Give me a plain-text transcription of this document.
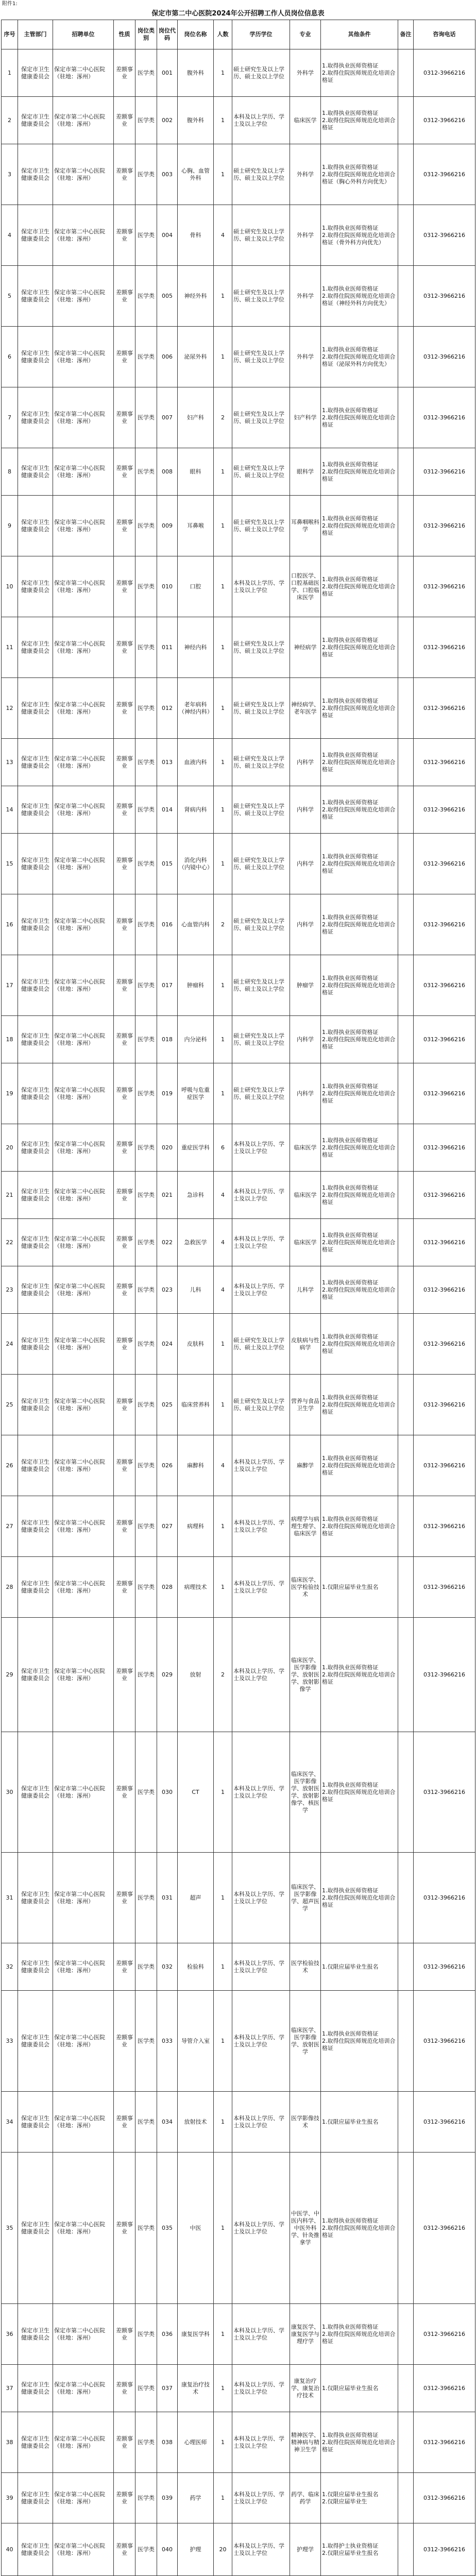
附件1:
保定市第二中心医院2024年公开招聘工作人员岗位信息表
序号	主管部门	招聘单位	性质	岗位类别	岗位代码	岗位名称	人数	学历学位	专业	其他条件	备注	咨询电话
1	保定市卫生健康委员会	保定市第二中心医院（驻地：涿州）	差额事业	医学类	001	腹外科	1	硕士研究生及以上学历、硕士及以上学位	外科学	1.取得执业医师资格证
2.取得住院医师规范化培训合格证		0312-3966216
2	保定市卫生健康委员会	保定市第二中心医院（驻地：涿州）	差额事业	医学类	002	腹外科	1	本科及以上学历、学士及以上学位	临床医学	1.取得执业医师资格证
2.取得住院医师规范化培训合格证		0312-3966216
3	保定市卫生健康委员会	保定市第二中心医院（驻地：涿州）	差额事业	医学类	003	心胸、血管外科	1	硕士研究生及以上学历、硕士及以上学位	外科学	1.取得执业医师资格证
2.取得住院医师规范化培训合格证（胸心外科方向优先）		0312-3966216
4	保定市卫生健康委员会	保定市第二中心医院（驻地：涿州）	差额事业	医学类	004	骨科	4	硕士研究生及以上学历、硕士及以上学位	外科学	1.取得执业医师资格证
2.取得住院医师规范化培训合格证（骨外科方向优先）		0312-3966216
5	保定市卫生健康委员会	保定市第二中心医院（驻地：涿州）	差额事业	医学类	005	神经外科	1	硕士研究生及以上学历、硕士及以上学位	外科学	1.取得执业医师资格证
2.取得住院医师规范化培训合格证（神经外科方向优先）		0312-3966216
6	保定市卫生健康委员会	保定市第二中心医院（驻地：涿州）	差额事业	医学类	006	泌尿外科	1	硕士研究生及以上学历、硕士及以上学位	外科学	1.取得执业医师资格证
2.取得住院医师规范化培训合格证（泌尿外科方向优先）		0312-3966216
7	保定市卫生健康委员会	保定市第二中心医院（驻地：涿州）	差额事业	医学类	007	妇产科	2	硕士研究生及以上学历、硕士及以上学位	妇产科学	1.取得执业医师资格证
2.取得住院医师规范化培训合格证		0312-3966216
8	保定市卫生健康委员会	保定市第二中心医院（驻地：涿州）	差额事业	医学类	008	眼科	1	硕士研究生及以上学历、硕士及以上学位	眼科学	1.取得执业医师资格证
2.取得住院医师规范化培训合格证		0312-3966216
9	保定市卫生健康委员会	保定市第二中心医院（驻地：涿州）	差额事业	医学类	009	耳鼻喉	1	硕士研究生及以上学历、硕士及以上学位	耳鼻咽喉科学	1.取得执业医师资格证
2.取得住院医师规范化培训合格证		0312-3966216
10	保定市卫生健康委员会	保定市第二中心医院（驻地：涿州）	差额事业	医学类	010	口腔	1	本科及以上学历、学士及以上学位	口腔医学、口腔基础医学、口腔临床医学	1.取得执业医师资格证
2.取得住院医师规范化培训合格证		0312-3966216
11	保定市卫生健康委员会	保定市第二中心医院（驻地：涿州）	差额事业	医学类	011	神经内科	1	硕士研究生及以上学历、硕士及以上学位	神经病学	1.取得执业医师资格证
2.取得住院医师规范化培训合格证		0312-3966216
12	保定市卫生健康委员会	保定市第二中心医院（驻地：涿州）	差额事业	医学类	012	老年病科（神经内科）	1	硕士研究生及以上学历、硕士及以上学位	神经病学、老年医学	1.取得执业医师资格证
2.取得住院医师规范化培训合格证		0312-3966216
13	保定市卫生健康委员会	保定市第二中心医院（驻地：涿州）	差额事业	医学类	013	血液内科	1	硕士研究生及以上学历、硕士及以上学位	内科学	1.取得执业医师资格证
2.取得住院医师规范化培训合格证		0312-3966216
14	保定市卫生健康委员会	保定市第二中心医院（驻地：涿州）	差额事业	医学类	014	肾病内科	1	硕士研究生及以上学历、硕士及以上学位	内科学	1.取得执业医师资格证
2.取得住院医师规范化培训合格证		0312-3966216
15	保定市卫生健康委员会	保定市第二中心医院（驻地：涿州）	差额事业	医学类	015	消化内科（内镜中心）	1	硕士研究生及以上学历、硕士及以上学位	内科学	1.取得执业医师资格证
2.取得住院医师规范化培训合格证		0312-3966216
16	保定市卫生健康委员会	保定市第二中心医院（驻地：涿州）	差额事业	医学类	016	心血管内科	2	硕士研究生及以上学历、硕士及以上学位	内科学	1.取得执业医师资格证
2.取得住院医师规范化培训合格证		0312-3966216
17	保定市卫生健康委员会	保定市第二中心医院（驻地：涿州）	差额事业	医学类	017	肿瘤科	1	硕士研究生及以上学历、硕士及以上学位	肿瘤学	1.取得执业医师资格证
2.取得住院医师规范化培训合格证		0312-3966216
18	保定市卫生健康委员会	保定市第二中心医院（驻地：涿州）	差额事业	医学类	018	内分泌科	1	硕士研究生及以上学历、硕士及以上学位	内科学	1.取得执业医师资格证
2.取得住院医师规范化培训合格证		0312-3966216
19	保定市卫生健康委员会	保定市第二中心医院（驻地：涿州）	差额事业	医学类	019	呼吸与危重症医学	1	硕士研究生及以上学历、硕士及以上学位	内科学	1.取得执业医师资格证
2.取得住院医师规范化培训合格证		0312-3966216
20	保定市卫生健康委员会	保定市第二中心医院（驻地：涿州）	差额事业	医学类	020	重症医学科	6	本科及以上学历、学士及以上学位	临床医学	1.取得执业医师资格证
2.取得住院医师规范化培训合格证		0312-3966216
21	保定市卫生健康委员会	保定市第二中心医院（驻地：涿州）	差额事业	医学类	021	急诊科	4	本科及以上学历、学士及以上学位	临床医学	1.取得执业医师资格证
2.取得住院医师规范化培训合格证		0312-3966216
22	保定市卫生健康委员会	保定市第二中心医院（驻地：涿州）	差额事业	医学类	022	急救医学	4	本科及以上学历、学士及以上学位	临床医学	1.取得执业医师资格证
2.取得住院医师规范化培训合格证		0312-3966216
23	保定市卫生健康委员会	保定市第二中心医院（驻地：涿州）	差额事业	医学类	023	儿科	4	本科及以上学历、学士及以上学位	儿科学	1.取得执业医师资格证
2.取得住院医师规范化培训合格证		0312-3966216
24	保定市卫生健康委员会	保定市第二中心医院（驻地：涿州）	差额事业	医学类	024	皮肤科	1	硕士研究生及以上学历、硕士及以上学位	皮肤病与性病学	1.取得执业医师资格证
2.取得住院医师规范化培训合格证		0312-3966216
25	保定市卫生健康委员会	保定市第二中心医院（驻地：涿州）	差额事业	医学类	025	临床营养科	1	硕士研究生及以上学历、硕士及以上学位	营养与食品卫生学	1.取得执业医师资格证
2.取得住院医师规范化培训合格证		0312-3966216
26	保定市卫生健康委员会	保定市第二中心医院（驻地：涿州）	差额事业	医学类	026	麻醉科	4	本科及以上学历、学士及以上学位	麻醉学	1.取得执业医师资格证
2.取得住院医师规范化培训合格证		0312-3966216
27	保定市卫生健康委员会	保定市第二中心医院（驻地：涿州）	差额事业	医学类	027	病理科	1	本科及以上学历、学士及以上学位	病理学与病理生理学、临床医学	1.取得执业医师资格证
2.取得住院医师规范化培训合格证		0312-3966216
28	保定市卫生健康委员会	保定市第二中心医院（驻地：涿州）	差额事业	医学类	028	病理技术	1	本科及以上学历、学士及以上学位	临床医学、医学检验技术	1.仅限应届毕业生报名		0312-3966216
29	保定市卫生健康委员会	保定市第二中心医院（驻地：涿州）	差额事业	医学类	029	放射	2	本科及以上学历、学士及以上学位	临床医学、医学影像学、放射医学、放射影像学	1.取得执业医师资格证
2.取得住院医师规范化培训合格证		0312-3966216
30	保定市卫生健康委员会	保定市第二中心医院（驻地：涿州）	差额事业	医学类	030	CT	1	本科及以上学历、学士及以上学位	临床医学、医学影像学、放射医学、放射影像学、核医学	1.取得执业医师资格证
2.取得住院医师规范化培训合格证		0312-3966216
31	保定市卫生健康委员会	保定市第二中心医院（驻地：涿州）	差额事业	医学类	031	超声	1	本科及以上学历、学士及以上学位	临床医学、医学影像学、超声医学	1.取得执业医师资格证
2.取得住院医师规范化培训合格证		0312-3966216
32	保定市卫生健康委员会	保定市第二中心医院（驻地：涿州）	差额事业	医学类	032	检验科	1	本科及以上学历、学士及以上学位	医学检验技术	1.仅限应届毕业生报名		0312-3966216
33	保定市卫生健康委员会	保定市第二中心医院（驻地：涿州）	差额事业	医学类	033	导管介入室	1	本科及以上学历、学士及以上学位	临床医学、医学影像学、放射医学	1.取得执业医师资格证
2.取得住院医师规范化培训合格证		0312-3966216
34	保定市卫生健康委员会	保定市第二中心医院（驻地：涿州）	差额事业	医学类	034	放射技术	1	本科及以上学历、学士及以上学位	医学影像技术	1.仅限应届毕业生报名		0312-3966216
35	保定市卫生健康委员会	保定市第二中心医院（驻地：涿州）	差额事业	医学类	035	中医	1	本科及以上学历、学士及以上学位	中医学、中医内科学、中医外科学、针灸推拿学	1.取得执业医师资格证
2.取得住院医师规范化培训合格证		0312-3966216
36	保定市卫生健康委员会	保定市第二中心医院（驻地：涿州）	差额事业	医学类	036	康复医学科	1	本科及以上学历、学士及以上学位	康复医学、康复医学与理疗学	1.取得执业医师资格证
2.取得住院医师规范化培训合格证		0312-3966216
37	保定市卫生健康委员会	保定市第二中心医院（驻地：涿州）	差额事业	医学类	037	康复治疗技术	1	本科及以上学历、学士及以上学位	康复治疗学、康复治疗技术	1.仅限应届毕业生报名		0312-3966216
38	保定市卫生健康委员会	保定市第二中心医院（驻地：涿州）	差额事业	医学类	038	心理医师	1	本科及以上学历、学士及以上学位	精神医学、精神病与精神卫生学	1.取得执业医师资格证
2.取得住院医师规范化培训合格证		0312-3966216
39	保定市卫生健康委员会	保定市第二中心医院（驻地：涿州）	差额事业	医学类	039	药学	1	本科及以上学历、学士及以上学位	药学、临床药学	1.仅限应届毕业生报名
2.仅限应届毕业生		0312-3966216
40	保定市卫生健康委员会	保定市第二中心医院（驻地：涿州）	差额事业	医学类	040	护理	20	本科及以上学历、学士及以上学位	护理学	1.取得护士执业资格证
2.仅限应届毕业生报名		0312-3966216
